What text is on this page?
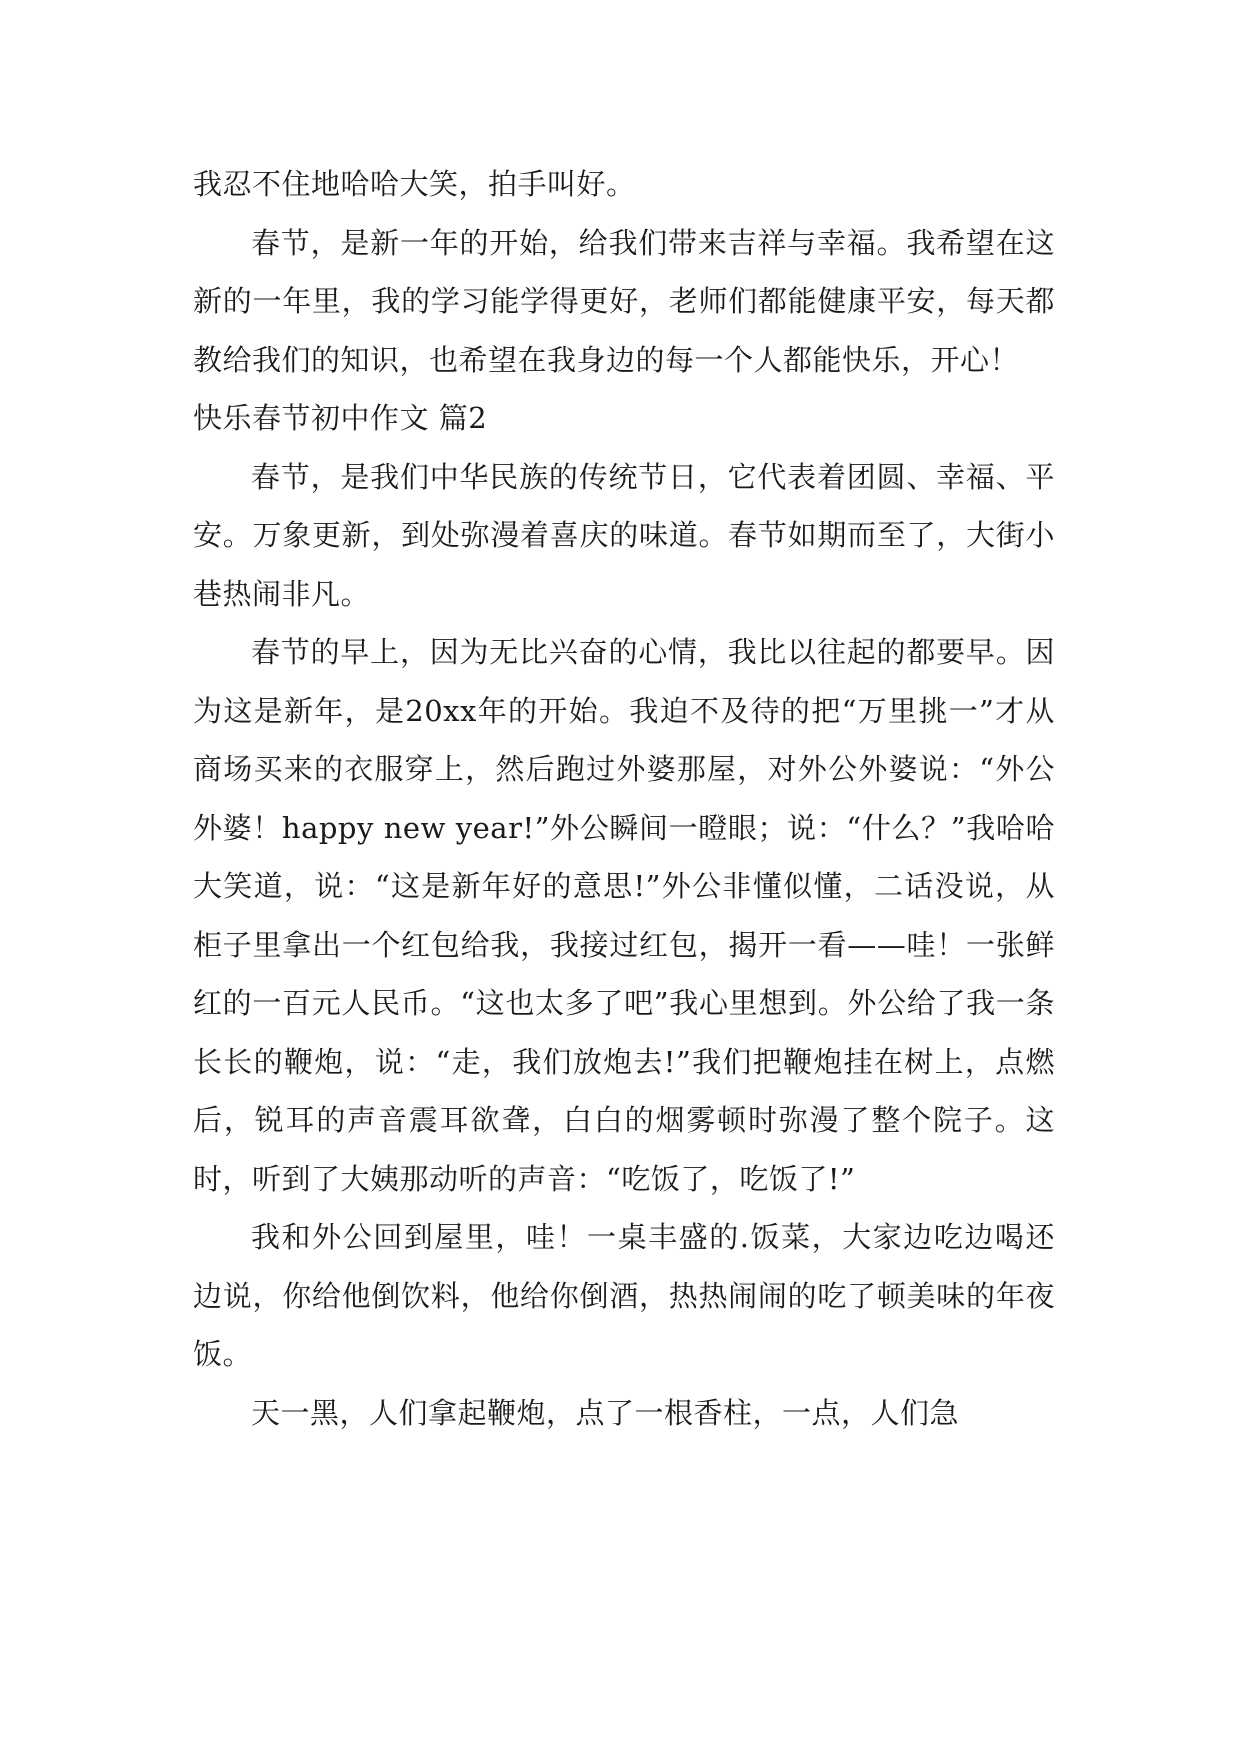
我忍不住地哈哈大笑，拍手叫好。

春节，是新一年的开始，给我们带来吉祥与幸福。我希望在这新的一年里，我的学习能学得更好，老师们都能健康平安，每天都教给我们的知识，也希望在我身边的每一个人都能快乐，开心！

快乐春节初中作文 篇2

春节，是我们中华民族的传统节日，它代表着团圆、幸福、平安。万象更新，到处弥漫着喜庆的味道。春节如期而至了，大街小巷热闹非凡。

春节的早上，因为无比兴奋的心情，我比以往起的都要早。因为这是新年，是20xx年的开始。我迫不及待的把“万里挑一”才从商场买来的衣服穿上，然后跑过外婆那屋，对外公外婆说：“外公外婆！happy new year!”外公瞬间一瞪眼；说：“什么？”我哈哈大笑道，说：“这是新年好的意思!”外公非懂似懂，二话没说，从柜子里拿出一个红包给我，我接过红包，揭开一看——哇！一张鲜红的一百元人民币。“这也太多了吧”我心里想到。外公给了我一条长长的鞭炮，说：“走，我们放炮去!”我们把鞭炮挂在树上，点燃后，锐耳的声音震耳欲聋，白白的烟雾顿时弥漫了整个院子。这时，听到了大姨那动听的声音：“吃饭了，吃饭了!”

我和外公回到屋里，哇！一桌丰盛的.饭菜，大家边吃边喝还边说，你给他倒饮料，他给你倒酒，热热闹闹的吃了顿美味的年夜饭。

天一黑，人们拿起鞭炮，点了一根香柱，一点，人们急
